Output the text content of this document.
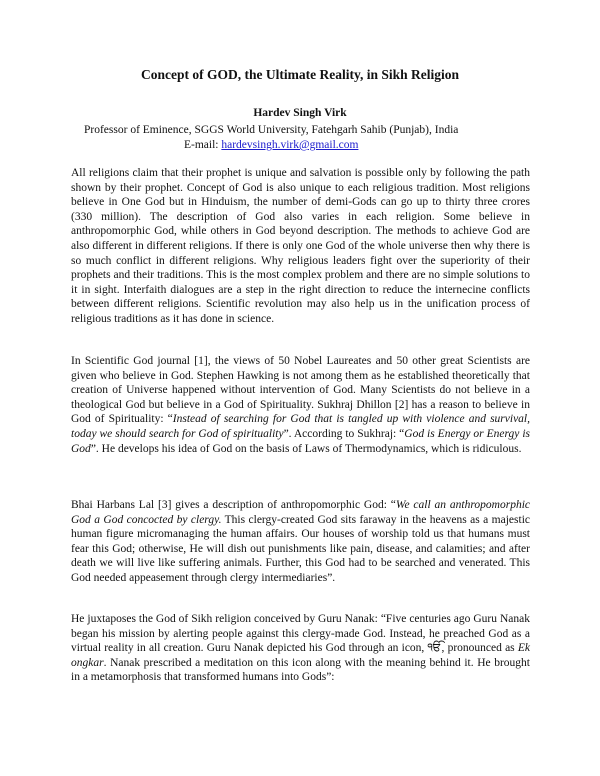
Concept of GOD, the Ultimate Reality, in Sikh Religion

Hardev Singh Virk

Professor of Eminence, SGGS World University, Fatehgarh Sahib (Punjab), India

E-mail: hardevsingh.virk@gmail.com

All religions claim that their prophet is unique and salvation is possible only by following the path shown by their prophet. Concept of God is also unique to each religious tradition. Most religions believe in One God but in Hinduism, the number of demi-Gods can go up to thirty three crores (330 million). The description of God also varies in each religion. Some believe in anthropomorphic God, while others in God beyond description. The methods to achieve God are also different in different religions. If there is only one God of the whole universe then why there is so much conflict in different religions. Why religious leaders fight over the superiority of their prophets and their traditions. This is the most complex problem and there are no simple solutions to it in sight. Interfaith dialogues are a step in the right direction to reduce the internecine conflicts between different religions. Scientific revolution may also help us in the unification process of religious traditions as it has done in science.

In Scientific God journal [1], the views of 50 Nobel Laureates and 50 other great Scientists are given who believe in God. Stephen Hawking is not among them as he established theoretically that creation of Universe happened without intervention of God. Many Scientists do not believe in a theological God but believe in a God of Spirituality. Sukhraj Dhillon [2] has a reason to believe in God of Spirituality: “Instead of searching for God that is tangled up with violence and survival, today we should search for God of spirituality”. According to Sukhraj: “God is Energy or Energy is God”. He develops his idea of God on the basis of Laws of Thermodynamics, which is ridiculous.

Bhai Harbans Lal [3] gives a description of anthropomorphic God: “We call an anthropomorphic God a God concocted by clergy. This clergy-created God sits faraway in the heavens as a majestic human figure micromanaging the human affairs. Our houses of worship told us that humans must fear this God; otherwise, He will dish out punishments like pain, disease, and calamities; and after death we will live like suffering animals. Further, this God had to be searched and venerated. This God needed appeasement through clergy intermediaries”.

He juxtaposes the God of Sikh religion conceived by Guru Nanak: “Five centuries ago Guru Nanak began his mission by alerting people against this clergy-made God. Instead, he preached God as a virtual reality in all creation. Guru Nanak depicted his God through an icon, ੴ, pronounced as Ek ongkar. Nanak prescribed a meditation on this icon along with the meaning behind it. He brought in a metamorphosis that transformed humans into Gods”:
